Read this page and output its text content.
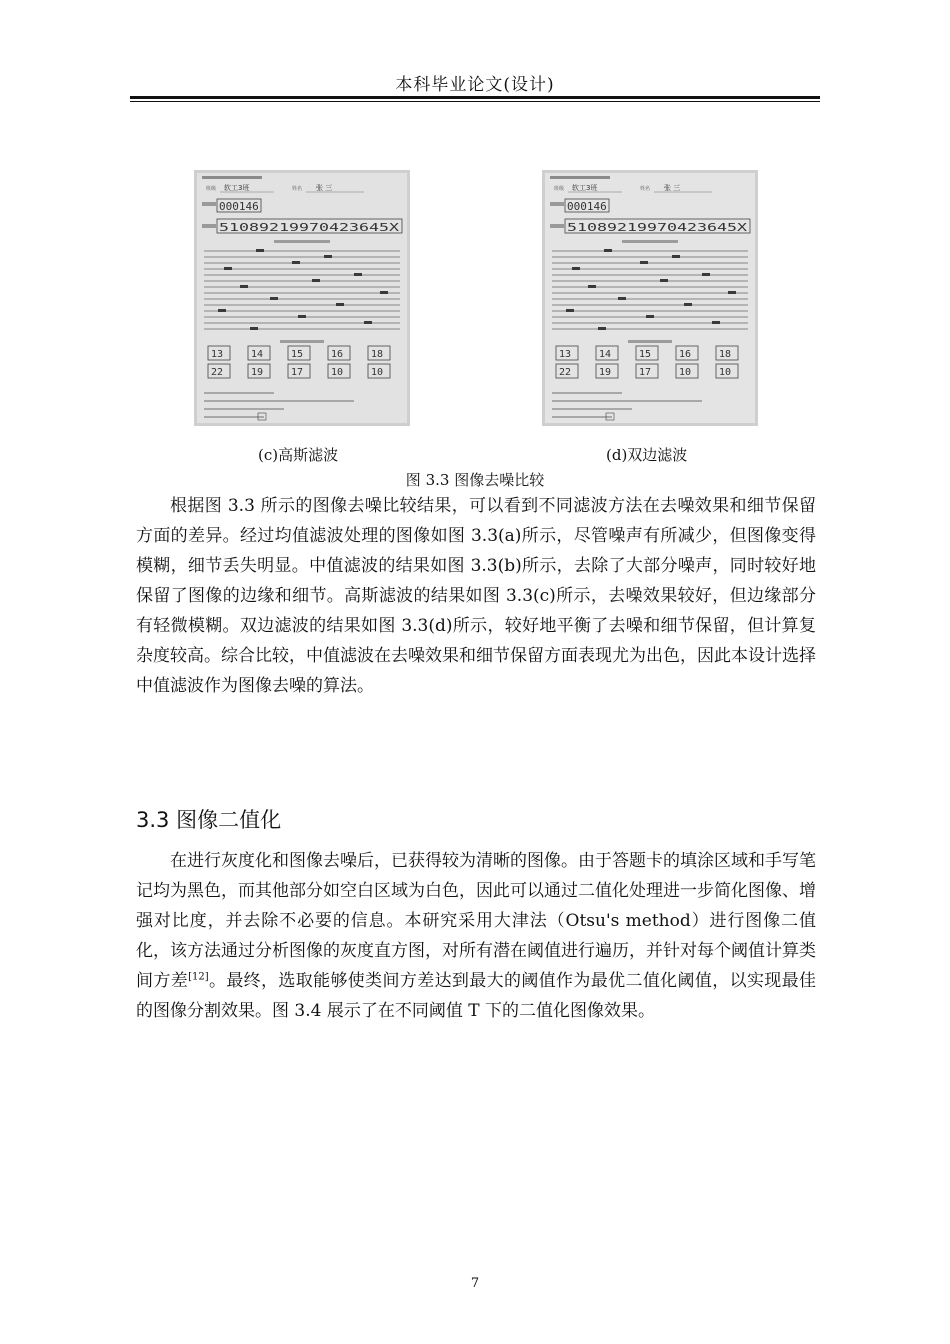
本科毕业论文(设计)
班级 软工3班	姓名 张 三
000146
51089219970423645X
13	14	15	16	18
22	19	17	10	10
班级 软工3班	姓名 张 三
000146
51089219970423645X
13	14	15	16	18
22	19	17	10	10
(c)高斯滤波	(d)双边滤波
图 3.3 图像去噪比较

根据图 3.3 所示的图像去噪比较结果，可以看到不同滤波方法在去噪效果和细节保留方面的差异。经过均值滤波处理的图像如图 3.3(a)所示，尽管噪声有所减少，但图像变得模糊，细节丢失明显。中值滤波的结果如图 3.3(b)所示，去除了大部分噪声，同时较好地保留了图像的边缘和细节。高斯滤波的结果如图 3.3(c)所示，去噪效果较好，但边缘部分有轻微模糊。双边滤波的结果如图 3.3(d)所示，较好地平衡了去噪和细节保留，但计算复杂度较高。综合比较，中值滤波在去噪效果和细节保留方面表现尤为出色，因此本设计选择中值滤波作为图像去噪的算法。

3.3 图像二值化

在进行灰度化和图像去噪后，已获得较为清晰的图像。由于答题卡的填涂区域和手写笔记均为黑色，而其他部分如空白区域为白色，因此可以通过二值化处理进一步简化图像、增强对比度，并去除不必要的信息。本研究采用大津法（Otsu's method）进行图像二值化，该方法通过分析图像的灰度直方图，对所有潜在阈值进行遍历，并针对每个阈值计算类间方差[12]。最终，选取能够使类间方差达到最大的阈值作为最优二值化阈值，以实现最佳的图像分割效果。图 3.4 展示了在不同阈值 T 下的二值化图像效果。

7
